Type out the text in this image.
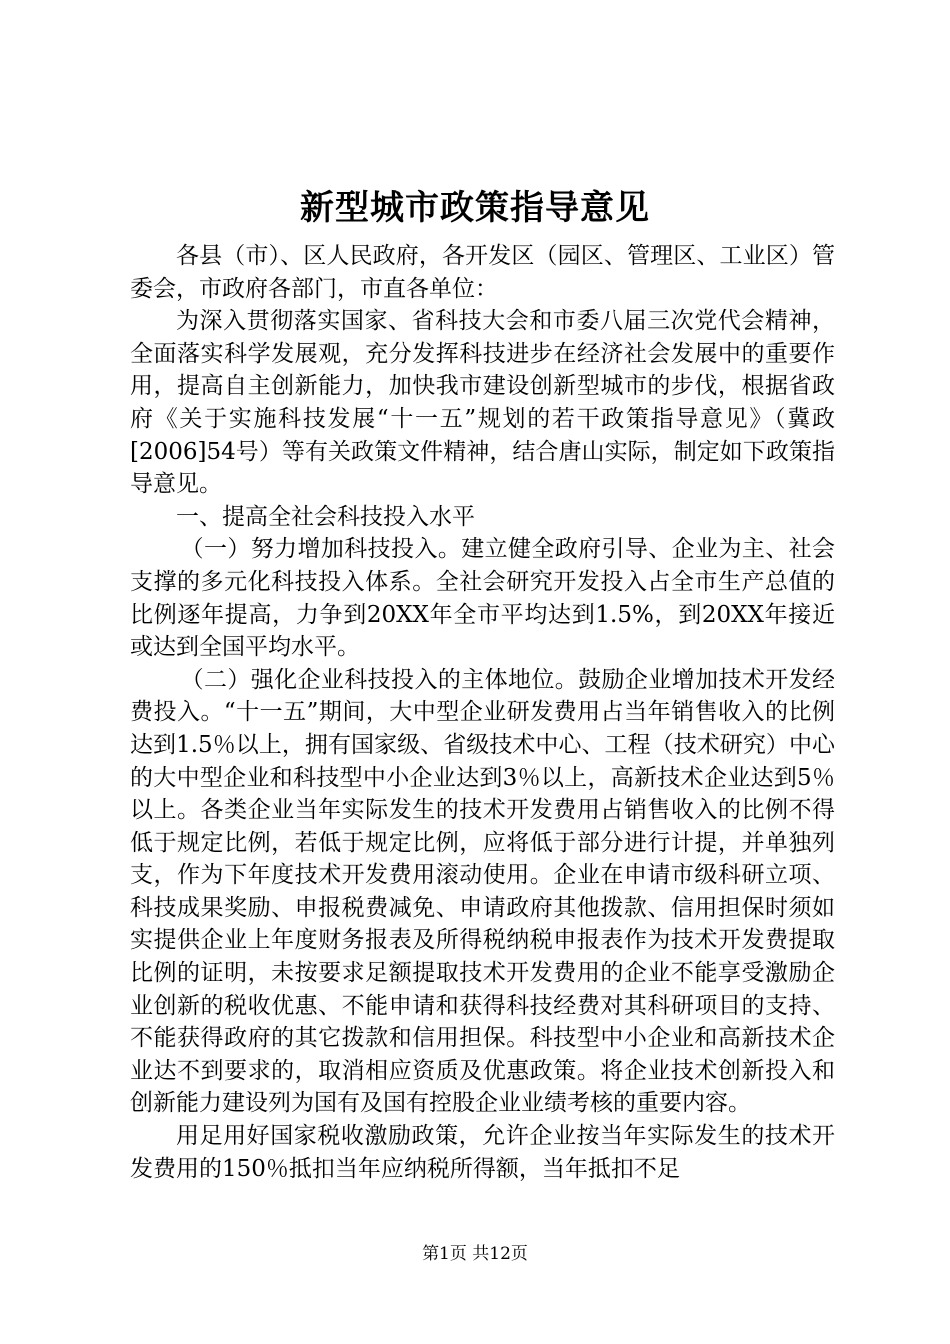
新型城市政策指导意见

各县（市）、区人民政府，各开发区（园区、管理区、工业区）管委会，市政府各部门，市直各单位：

为深入贯彻落实国家、省科技大会和市委八届三次党代会精神，全面落实科学发展观，充分发挥科技进步在经济社会发展中的重要作用，提高自主创新能力，加快我市建设创新型城市的步伐，根据省政府《关于实施科技发展“十一五”规划的若干政策指导意见》（冀政[2006]54号）等有关政策文件精神，结合唐山实际，制定如下政策指导意见。

一、提高全社会科技投入水平

（一）努力增加科技投入。建立健全政府引导、企业为主、社会支撑的多元化科技投入体系。全社会研究开发投入占全市生产总值的比例逐年提高，力争到20XX年全市平均达到1.5%，到20XX年接近或达到全国平均水平。

（二）强化企业科技投入的主体地位。鼓励企业增加技术开发经费投入。“十一五”期间，大中型企业研发费用占当年销售收入的比例达到1.5％以上，拥有国家级、省级技术中心、工程（技术研究）中心的大中型企业和科技型中小企业达到3％以上，高新技术企业达到5％以上。各类企业当年实际发生的技术开发费用占销售收入的比例不得低于规定比例，若低于规定比例，应将低于部分进行计提，并单独列支，作为下年度技术开发费用滚动使用。企业在申请市级科研立项、科技成果奖励、申报税费减免、申请政府其他拨款、信用担保时须如实提供企业上年度财务报表及所得税纳税申报表作为技术开发费提取比例的证明，未按要求足额提取技术开发费用的企业不能享受激励企业创新的税收优惠、不能申请和获得科技经费对其科研项目的支持、不能获得政府的其它拨款和信用担保。科技型中小企业和高新技术企业达不到要求的，取消相应资质及优惠政策。将企业技术创新投入和创新能力建设列为国有及国有控股企业业绩考核的重要内容。

用足用好国家税收激励政策，允许企业按当年实际发生的技术开发费用的150％抵扣当年应纳税所得额，当年抵扣不足

第1页 共12页
